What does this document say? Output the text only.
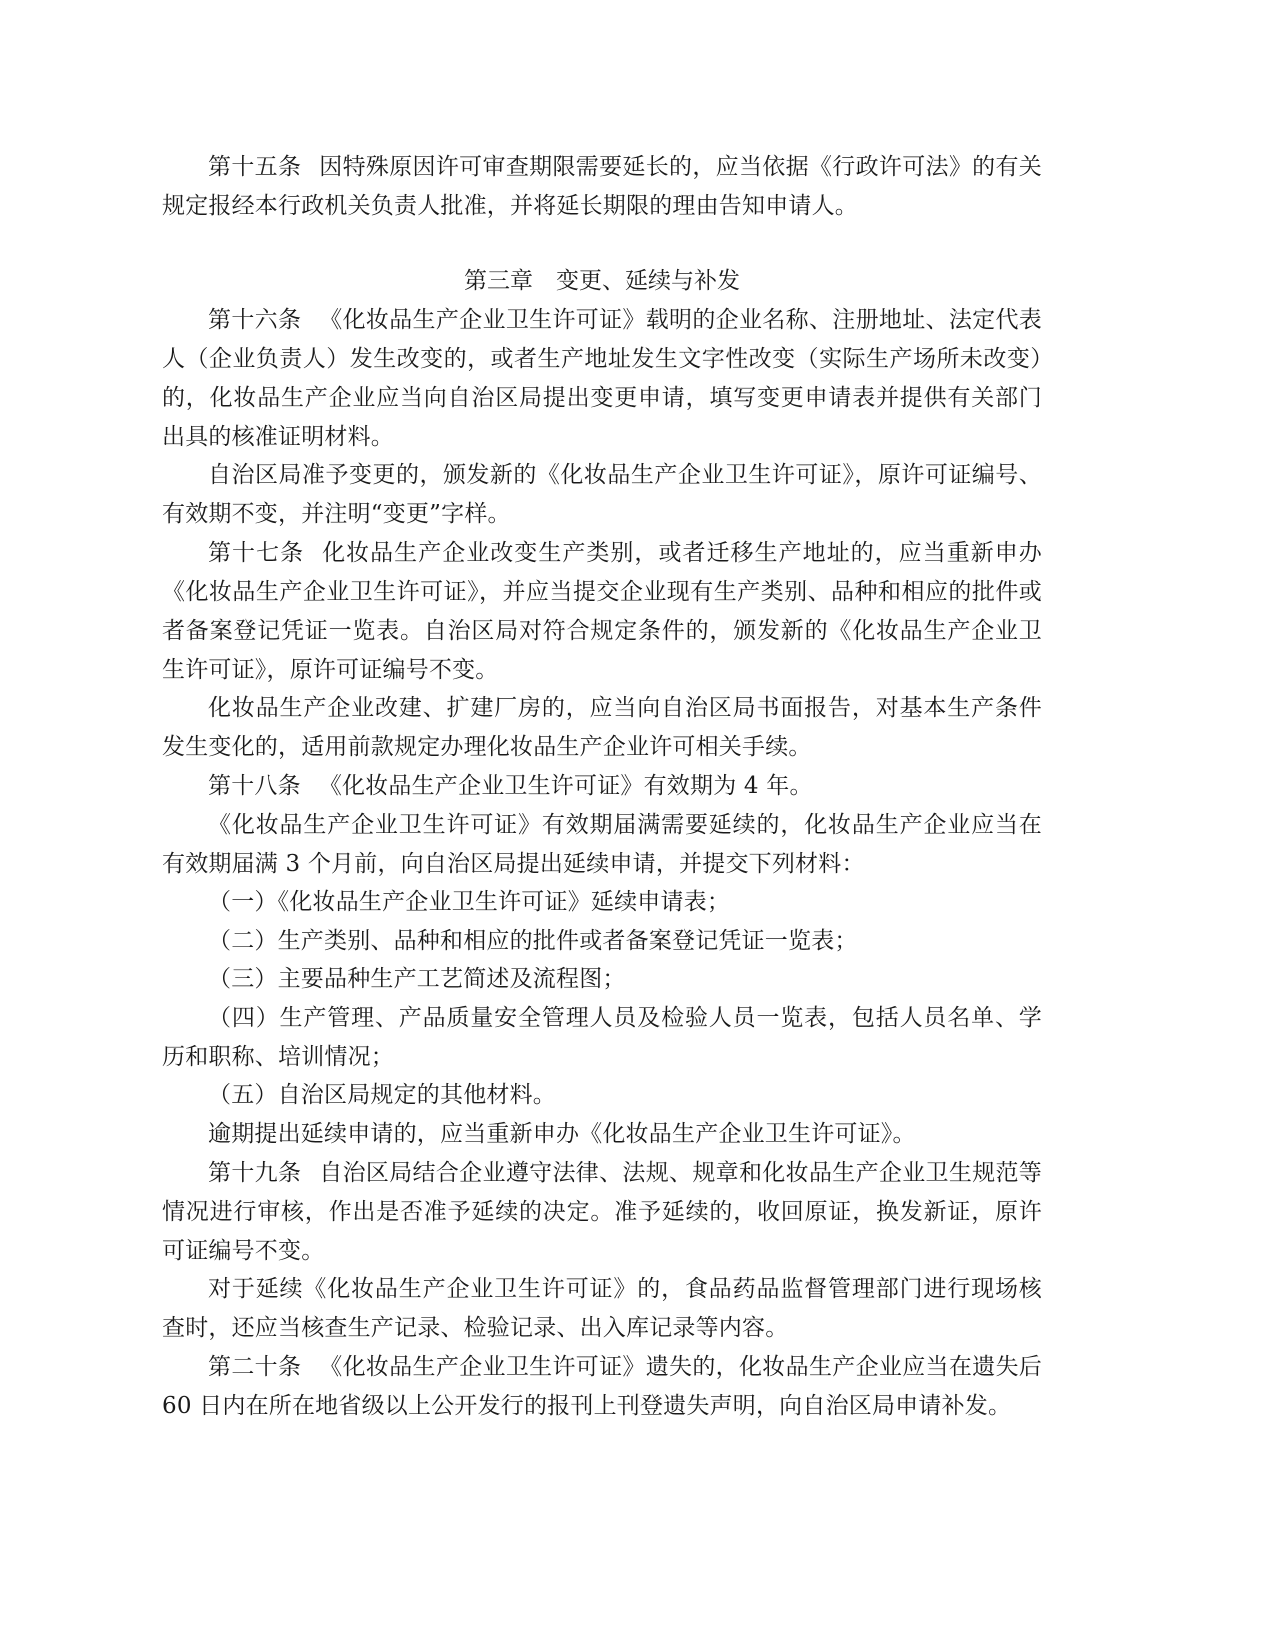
第十五条 因特殊原因许可审查期限需要延长的，应当依据《行政许可法》的有关规定报经本行政机关负责人批准，并将延长期限的理由告知申请人。

第三章　变更、延续与补发

第十六条 《化妆品生产企业卫生许可证》载明的企业名称、注册地址、法定代表人（企业负责人）发生改变的，或者生产地址发生文字性改变（实际生产场所未改变）的，化妆品生产企业应当向自治区局提出变更申请，填写变更申请表并提供有关部门出具的核准证明材料。

自治区局准予变更的，颁发新的《化妆品生产企业卫生许可证》，原许可证编号、有效期不变，并注明“变更”字样。

第十七条 化妆品生产企业改变生产类别，或者迁移生产地址的，应当重新申办《化妆品生产企业卫生许可证》，并应当提交企业现有生产类别、品种和相应的批件或者备案登记凭证一览表。自治区局对符合规定条件的，颁发新的《化妆品生产企业卫生许可证》，原许可证编号不变。

化妆品生产企业改建、扩建厂房的，应当向自治区局书面报告，对基本生产条件发生变化的，适用前款规定办理化妆品生产企业许可相关手续。

第十八条 《化妆品生产企业卫生许可证》有效期为 4 年。

《化妆品生产企业卫生许可证》有效期届满需要延续的，化妆品生产企业应当在有效期届满 3 个月前，向自治区局提出延续申请，并提交下列材料：

（一）《化妆品生产企业卫生许可证》延续申请表；

（二）生产类别、品种和相应的批件或者备案登记凭证一览表；

（三）主要品种生产工艺简述及流程图；

（四）生产管理、产品质量安全管理人员及检验人员一览表，包括人员名单、学历和职称、培训情况；

（五）自治区局规定的其他材料。

逾期提出延续申请的，应当重新申办《化妆品生产企业卫生许可证》。

第十九条 自治区局结合企业遵守法律、法规、规章和化妆品生产企业卫生规范等情况进行审核，作出是否准予延续的决定。准予延续的，收回原证，换发新证，原许可证编号不变。

对于延续《化妆品生产企业卫生许可证》的，食品药品监督管理部门进行现场核查时，还应当核查生产记录、检验记录、出入库记录等内容。

第二十条 《化妆品生产企业卫生许可证》遗失的，化妆品生产企业应当在遗失后 60 日内在所在地省级以上公开发行的报刊上刊登遗失声明，向自治区局申请补发。
